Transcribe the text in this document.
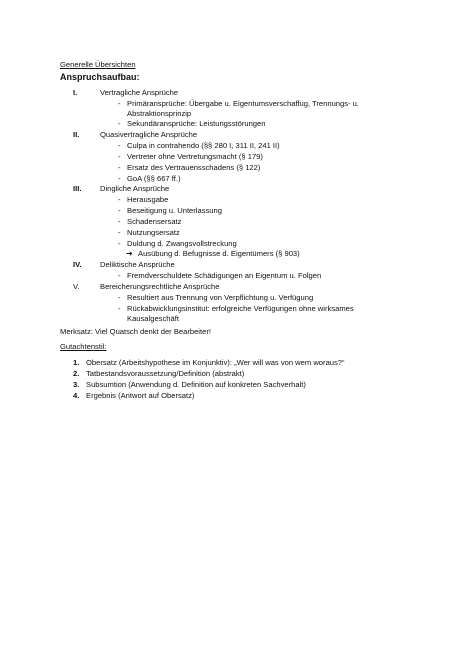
Generelle Übersichten
Anspruchsaufbau:
I.	Vertragliche Ansprüche
- Primäransprüche: Übergabe u. Eigentumsverschaffug, Trennungs- u.
Abstraktionsprinzip
- Sekundäransprüche: Leistungsstörungen
II.	Quasivertragliche Ansprüche
- Culpa in contrahendo (§§ 280 I, 311 II, 241 II)
- Vertreter ohne Vertretungsmacht (§ 179)
- Ersatz des Vertrauensschadens (§ 122)
- GoA (§§ 667 ff.)
III. Dingliche Ansprüche
- Herausgabe
- Beseitigung u. Unterlassung
- Schadensersatz
- Nutzungsersatz
- Duldung d. Zwangsvollstreckung
➔ Ausübung d. Befugnisse d. Eigentümers (§ 903)
IV. Deliktische Ansprüche
- Fremdverschuldete Schädigungen an Eigentum u. Folgen
V.	Bereicherungsrechtliche Ansprüche
- Resultiert aus Trennung von Verpflichtung u. Verfügung
- Rückabwicklungsinstitut: erfolgreiche Verfügungen ohne wirksames
Kausalgeschäft
Merksatz: Viel Quatsch denkt der Bearbeiter!
Gutachtenstil:
1. Obersatz (Arbeitshypothese im Konjunktiv): „Wer will was von wem woraus?“
2. Tatbestandsvoraussetzung/Definition (abstrakt)
3. Subsumtion (Anwendung d. Definition auf konkreten Sachverhalt)
4. Ergebnis (Antwort auf Obersatz)
